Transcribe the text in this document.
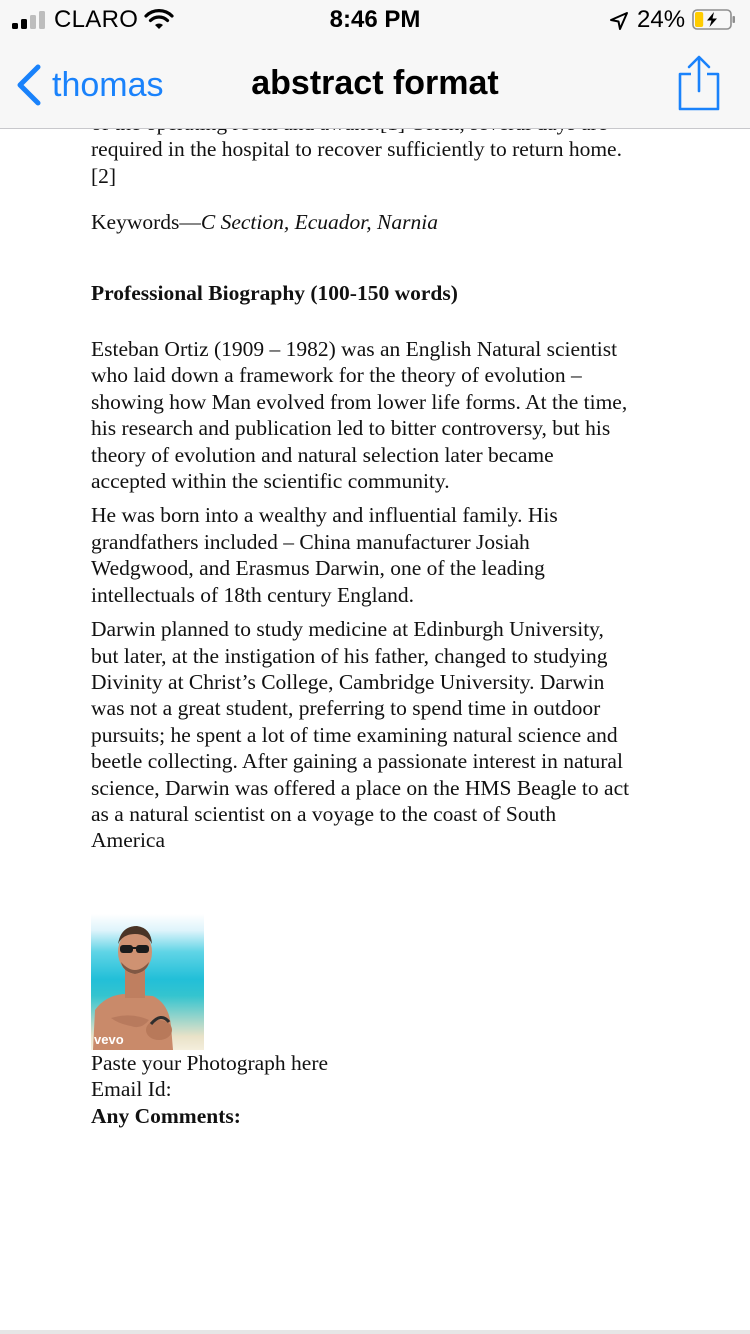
CLARO	8:46 PM	24%
thomas	abstract format

required in the hospital to recover sufficiently to return home.

[2]

Keywords—C Section, Ecuador, Narnia

Professional Biography (100-150 words)

Esteban Ortiz (1909 – 1982) was an English Natural scientist

who laid down a framework for the theory of evolution –

showing how Man evolved from lower life forms. At the time,

his research and publication led to bitter controversy, but his

theory of evolution and natural selection later became

accepted within the scientific community.

He was born into a wealthy and influential family. His

grandfathers included – China manufacturer Josiah

Wedgwood, and Erasmus Darwin, one of the leading

intellectuals of 18th century England.

Darwin planned to study medicine at Edinburgh University,

but later, at the instigation of his father, changed to studying

Divinity at Christ’s College, Cambridge University. Darwin

was not a great student, preferring to spend time in outdoor

pursuits; he spent a lot of time examining natural science and

beetle collecting. After gaining a passionate interest in natural

science, Darwin was offered a place on the HMS Beagle to act

as a natural scientist on a voyage to the coast of South

America

vevo

Paste your Photograph here

Email Id:

Any Comments:
